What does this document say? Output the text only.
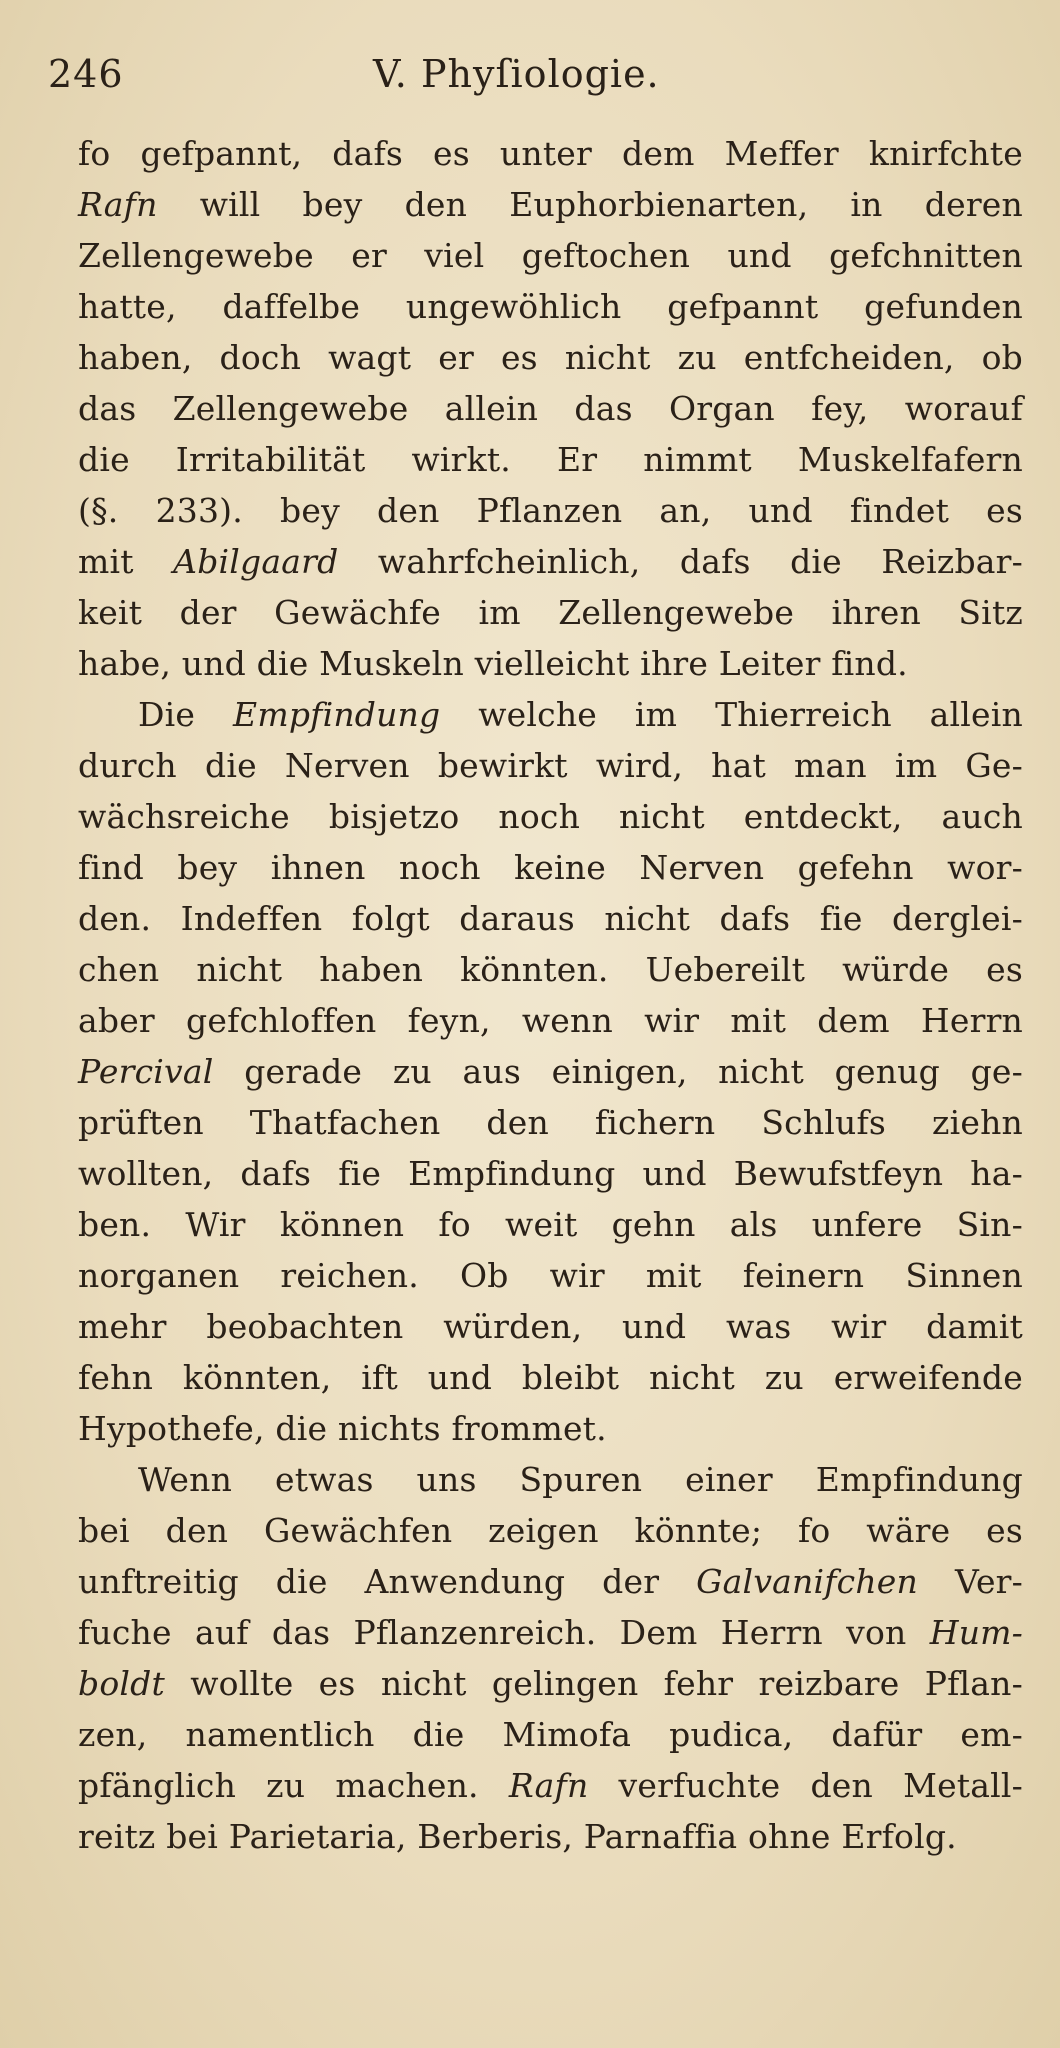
246	V. Phyſiologie.
fo gefpannt, dafs es unter dem Meffer knirfchte
Rafn will bey den Euphorbienarten, in deren
Zellengewebe er viel geftochen und gefchnitten
hatte, daffelbe ungewöhlich gefpannt gefunden
haben, doch wagt er es nicht zu entfcheiden, ob
das Zellengewebe allein das Organ fey, worauf
die Irritabilität wirkt. Er nimmt Muskelfafern
(§. 233). bey den Pflanzen an, und findet es
mit Abilgaard wahrfcheinlich, dafs die Reizbar-
keit der Gewächfe im Zellengewebe ihren Sitz
habe, und die Muskeln vielleicht ihre Leiter find.
Die Empfindung welche im Thierreich allein
durch die Nerven bewirkt wird, hat man im Ge-
wächsreiche bisjetzo noch nicht entdeckt, auch
find bey ihnen noch keine Nerven gefehn wor-
den. Indeffen folgt daraus nicht dafs fie derglei-
chen nicht haben könnten. Uebereilt würde es
aber gefchloffen feyn, wenn wir mit dem Herrn
Percival gerade zu aus einigen, nicht genug ge-
prüften Thatfachen den fichern Schlufs ziehn
wollten, dafs fie Empfindung und Bewufstfeyn ha-
ben. Wir können fo weit gehn als unfere Sin-
norganen reichen. Ob wir mit feinern Sinnen
mehr beobachten würden, und was wir damit
fehn könnten, ift und bleibt nicht zu erweifende
Hypothefe, die nichts frommet.
Wenn etwas uns Spuren einer Empfindung
bei den Gewächfen zeigen könnte; fo wäre es
unftreitig die Anwendung der Galvanifchen Ver-
fuche auf das Pflanzenreich. Dem Herrn von Hum-
boldt wollte es nicht gelingen fehr reizbare Pflan-
zen, namentlich die Mimofa pudica, dafür em-
pfänglich zu machen. Rafn verfuchte den Metall-
reitz bei Parietaria, Berberis, Parnaffia ohne Erfolg.
